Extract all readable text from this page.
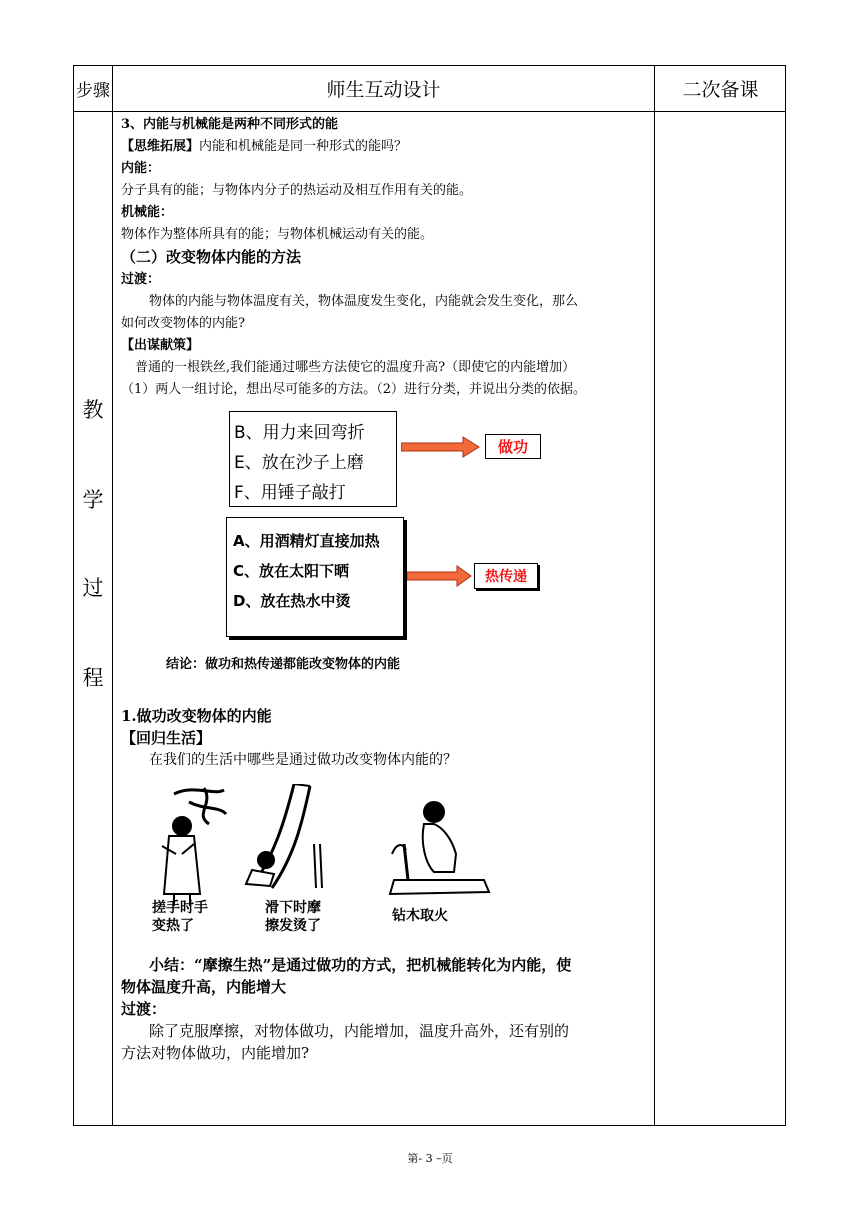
步骤	师生互动设计	二次备课
教
学
过
程

3、内能与机械能是两种不同形式的能

【思维拓展】内能和机械能是同一种形式的能吗？

内能：

分子具有的能；与物体内分子的热运动及相互作用有关的能。

机械能：

物体作为整体所具有的能；与物体机械运动有关的能。

（二）改变物体内能的方法

过渡：

物体的内能与物体温度有关，物体温度发生变化，内能就会发生变化，那么

如何改变物体的内能?

【出谋献策】

普通的一根铁丝,我们能通过哪些方法使它的温度升高?（即使它的内能增加）

（1）两人一组讨论，想出尽可能多的方法。（2）进行分类，并说出分类的依据。

B、用力来回弯折
E、放在沙子上磨
F、用锤子敲打
做功
A、用酒精灯直接加热
C、放在太阳下晒
D、放在热水中烫
热传递

结论：做功和热传递都能改变物体的内能

1.做功改变物体的内能

【回归生活】

在我们的生活中哪些是通过做功改变物体内能的？

搓手时手
变热了
滑下时摩
擦发烫了
钻木取火

小结：“摩擦生热”是通过做功的方式，把机械能转化为内能，使

物体温度升高，内能增大

过渡：

除了克服摩擦，对物体做功，内能增加，温度升高外，还有别的

方法对物体做功，内能增加?

第- 3 –页
